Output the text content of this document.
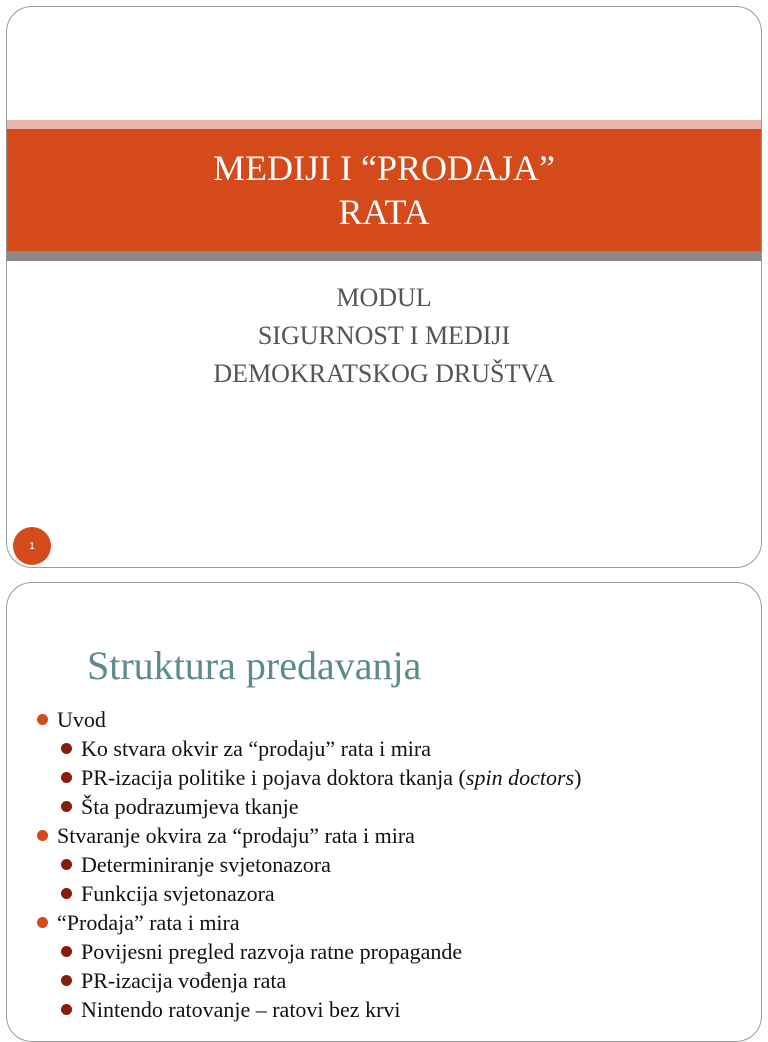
MEDIJI I “PRODAJA”
RATA
MODUL
SIGURNOST I MEDIJI
DEMOKRATSKOG DRUŠTVA
1
Struktura predavanja
Uvod
Ko stvara okvir za “prodaju” rata i mira
PR-izacija politike i pojava doktora tkanja (spin doctors)
Šta podrazumjeva tkanje
Stvaranje okvira za “prodaju” rata i mira
Determiniranje svjetonazora
Funkcija svjetonazora
“Prodaja” rata i mira
Povijesni pregled razvoja ratne propagande
PR-izacija vođenja rata
Nintendo ratovanje – ratovi bez krvi
